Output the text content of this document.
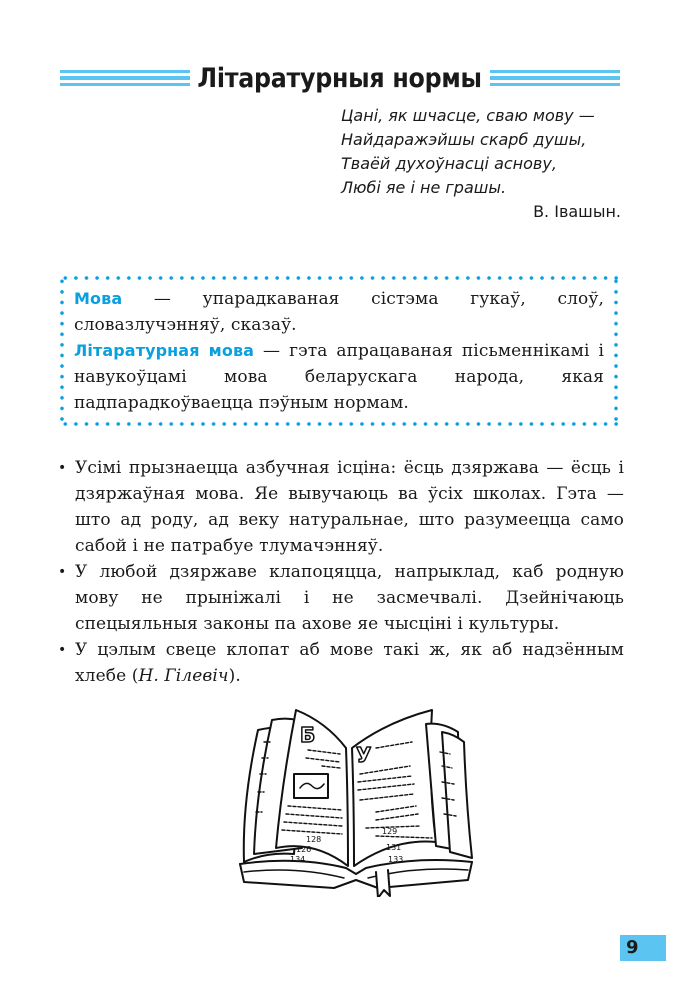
Літаратурныя нормы
Цані, як шчасце, сваю мову —
Найдаражэйшы скарб душы,
Тваёй духоўнасці аснову,
Любі яе і не грашы.
В. Івашын.

Мова — упарадкаваная сістэма гукаў, слоў, словазлучэнняў, сказаў.

Літаратурная мова — гэта апрацаваная пісьменнікамі і навукоўцамі мова беларускага народа, якая падпарадкоўваецца пэўным нормам.

• Усімі прызнаецца азбучная ісціна: ёсць дзяржава — ёсць і дзяржаўная мова. Яе вывучаюць ва ўсіх школах. Гэта — што ад роду, ад веку натуральнае, што разумеецца само сабой і не патрабуе тлумачэнняў.
• У любой дзяржаве клапоцяцца, напрыклад, каб родную мову не прыніжалі і не засмечвалі. Дзейнічаюць спецыяльныя законы па ахове яе чысціні і культуры.
• У цэлым свеце клопат аб мове такі ж, як аб надзённым хлебе (Н. Гілевіч).
Б
У
128
126
134
129
131
133
9
